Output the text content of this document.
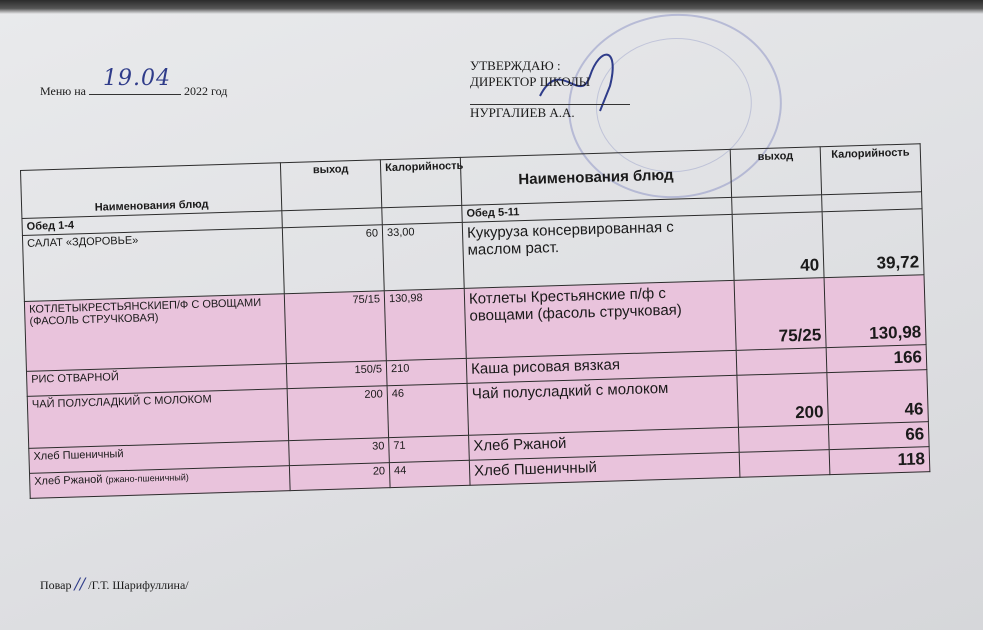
Меню на 19.04 2022 год
УТВЕРЖДАЮ :
ДИРЕКТОР ШКОЛЫ

НУРГАЛИЕВ А.А.
Наименования блюд	выход	Калорийность	Наименования блюд	выход	Калорийность
Обед 1-4			Обед 5-11		
САЛАТ «ЗДОРОВЬЕ»	60	33,00	Кукуруза консервированная с маслом раст.	40	39,72
КОТЛЕТЫКРЕСТЬЯНСКИЕП/Ф С ОВОЩАМИ (ФАСОЛЬ СТРУЧКОВАЯ)	75/15	130,98	Котлеты Крестьянские п/ф с овощами (фасоль стручковая)	75/25	130,98
РИС ОТВАРНОЙ	150/5	210	Каша рисовая вязкая		166
ЧАЙ ПОЛУСЛАДКИЙ С МОЛОКОМ	200	46	Чай полусладкий с молоком	200	46
Хлеб Пшеничный	30	71	Хлеб Ржаной		66
Хлеб Ржаной (ржано-пшеничный)	20	44	Хлеб Пшеничный		118
Повар // /Г.Т. Шарифуллина/
